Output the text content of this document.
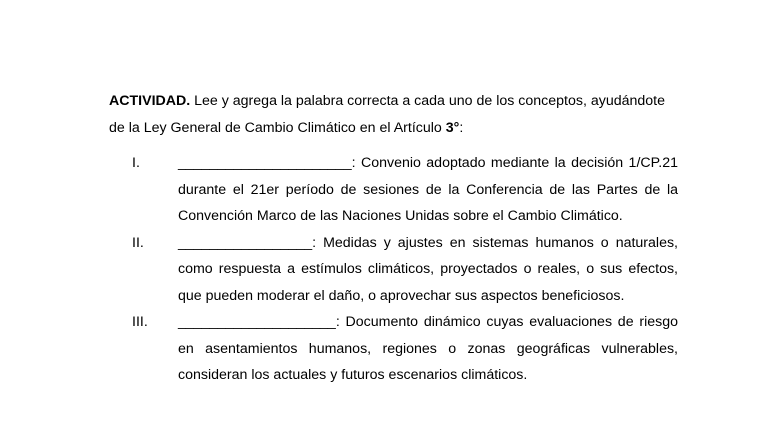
ACTIVIDAD. Lee y agrega la palabra correcta a cada uno de los conceptos, ayudándote de la Ley General de Cambio Climático en el Artículo 3°:

I.	______________________: Convenio adoptado mediante la decisión 1/CP.21 durante el 21er período de sesiones de la Conferencia de las Partes de la Convención Marco de las Naciones Unidas sobre el Cambio Climático.
II.	_________________: Medidas y ajustes en sistemas humanos o naturales, como respuesta a estímulos climáticos, proyectados o reales, o sus efectos, que pueden moderar el daño, o aprovechar sus aspectos beneficiosos.
III.	____________________: Documento dinámico cuyas evaluaciones de riesgo en asentamientos humanos, regiones o zonas geográficas vulnerables, consideran los actuales y futuros escenarios climáticos.
